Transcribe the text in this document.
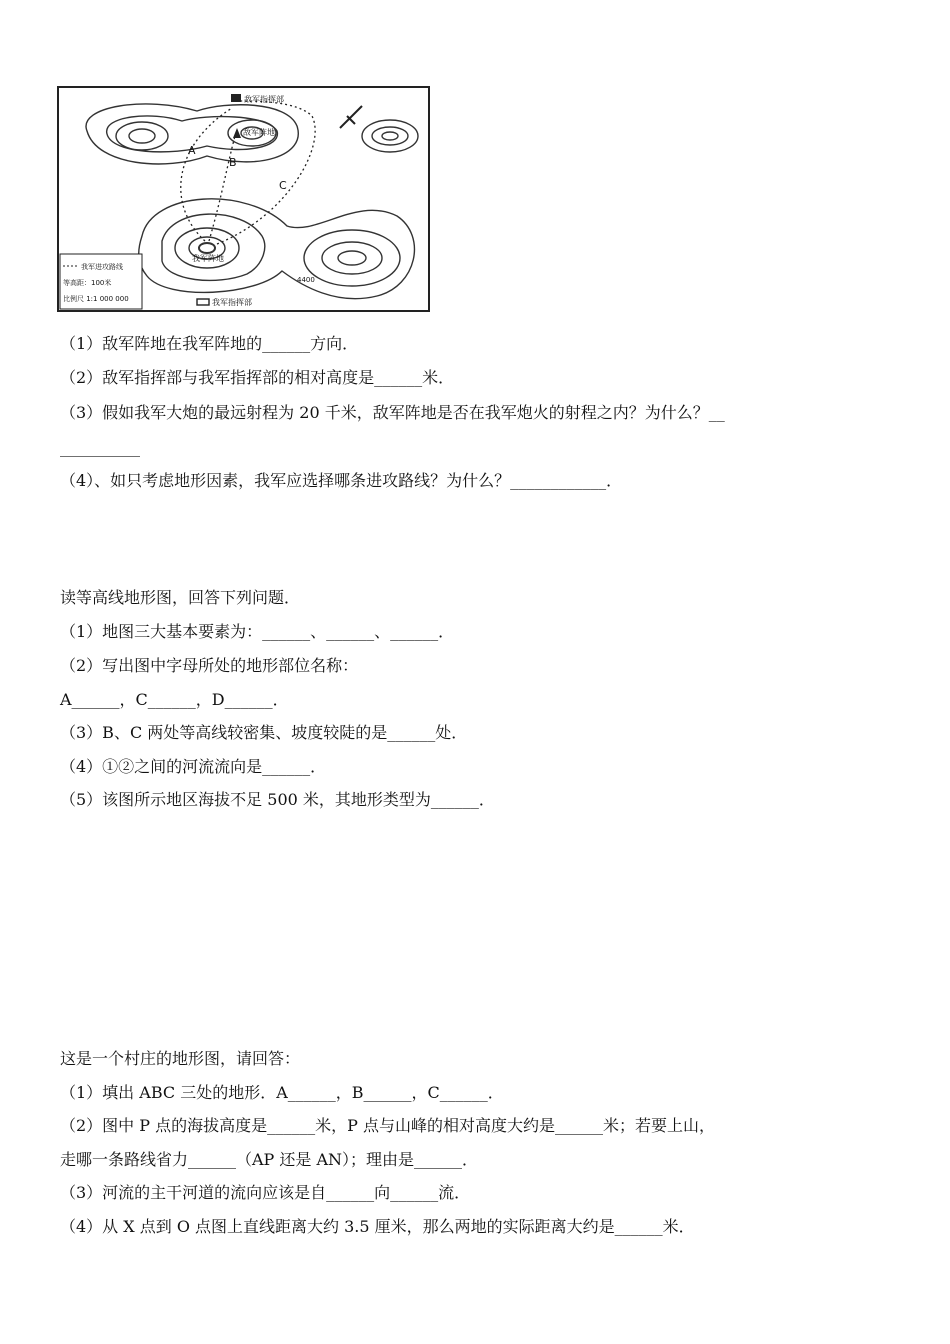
敌军指挥部
敌军阵地
我军阵地
我军指挥部
4400
A
B
C
我军进攻路线
等高距：100米
比例尺 1:1 000 000
（1）敌军阵地在我军阵地的______方向．
（2）敌军指挥部与我军指挥部的相对高度是______米．
（3）假如我军大炮的最远射程为 20 千米，敌军阵地是否在我军炮火的射程之内？为什么？__
__________
（4）、如只考虑地形因素，我军应选择哪条进攻路线？为什么？____________．
读等高线地形图，回答下列问题．
（1）地图三大基本要素为：______、______、______．
（2）写出图中字母所处的地形部位名称：
A______，C______，D______．
（3）B、C 两处等高线较密集、坡度较陡的是______处．
（4）①②之间的河流流向是______．
（5）该图所示地区海拔不足 500 米，其地形类型为______．
这是一个村庄的地形图，请回答：
（1）填出 ABC 三处的地形．A______，B______，C______．
（2）图中 P 点的海拔高度是______米，P 点与山峰的相对高度大约是______米；若要上山，
走哪一条路线省力______（AP 还是 AN）；理由是______．
（3）河流的主干河道的流向应该是自______向______流．
（4）从 X 点到 O 点图上直线距离大约 3.5 厘米，那么两地的实际距离大约是______米．
